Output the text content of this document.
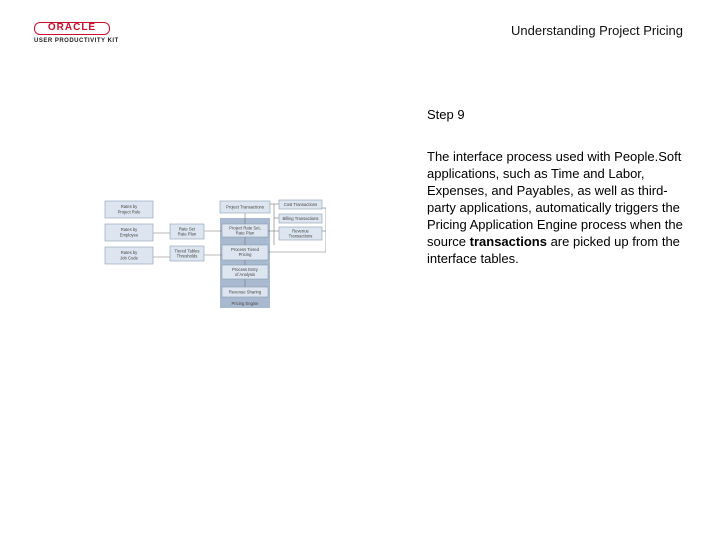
ORACLE
USER PRODUCTIVITY KIT
Understanding Project Pricing
Step 9
The interface process used with People.Soft applications, such as Time and Labor, Expenses, and Payables, as well as third-party applications, automatically triggers the Pricing Application Engine process when the source transactions are picked up from the interface tables.
Rates by
Project Role
Rates by
Employee
Rates by
Job Code
Rate Set
Rate Plan
Tiered Tables
Thresholds
Project Transactions
Project Rate Set,
Rate Plan
Process Tiered
Pricing
Process Entry
of Analysis
Revenue Sharing
Pricing Engine
Cost Transactions
Billing Transactions
Revenue
Transactions
